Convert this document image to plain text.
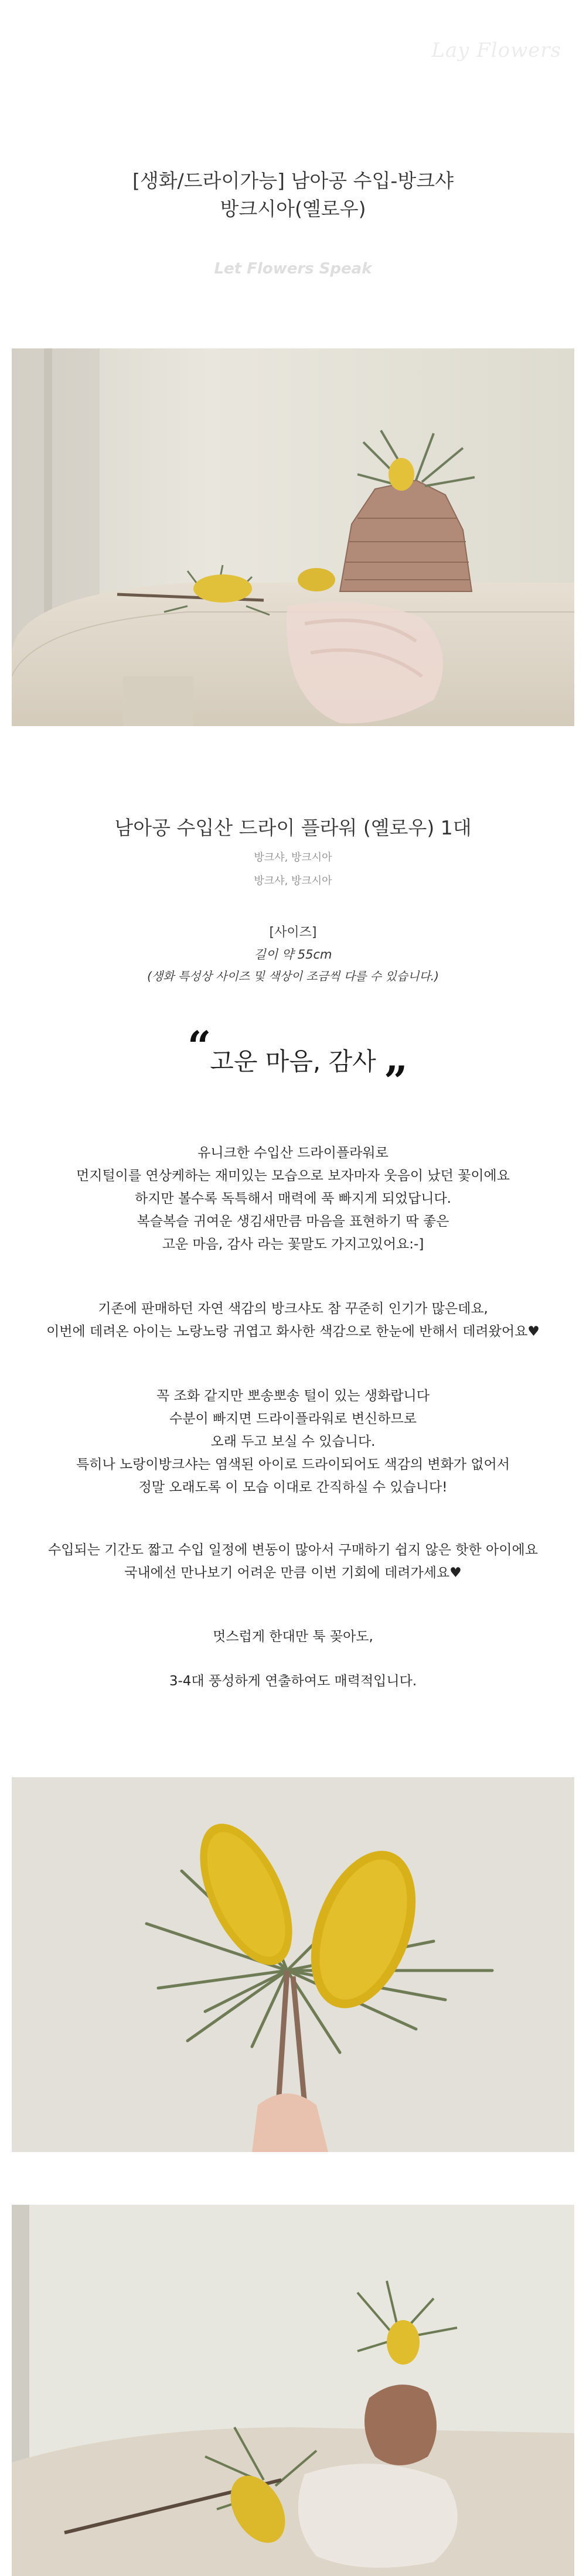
Lay Flowers
[생화/드라이가능] 남아공 수입-방크샤
방크시아(옐로우)
Let Flowers Speak
남아공 수입산 드라이 플라워 (옐로우) 1대
방크샤, 방크시아
방크샤, 방크시아
[사이즈]
길이 약 55cm
(생화 특성상 사이즈 및 색상이 조금씩 다를 수 있습니다.)
“
고운 마음, 감사 ”
유니크한 수입산 드라이플라워로
먼지털이를 연상케하는 재미있는 모습으로 보자마자 웃음이 났던 꽃이에요
하지만 볼수록 독특해서 매력에 푹 빠지게 되었답니다.
복슬복슬 귀여운 생김새만큼 마음을 표현하기 딱 좋은
고운 마음, 감사 라는 꽃말도 가지고있어요:-]
기존에 판매하던 자연 색감의 방크샤도 참 꾸준히 인기가 많은데요,
이번에 데려온 아이는 노랑노랑 귀엽고 화사한 색감으로 한눈에 반해서 데려왔어요♥
꼭 조화 같지만 뽀송뽀송 털이 있는 생화랍니다
수분이 빠지면 드라이플라워로 변신하므로
오래 두고 보실 수 있습니다.
특히나 노랑이방크샤는 염색된 아이로 드라이되어도 색감의 변화가 없어서
정말 오래도록 이 모습 이대로 간직하실 수 있습니다!
수입되는 기간도 짧고 수입 일정에 변동이 많아서 구매하기 쉽지 않은 핫한 아이에요
국내에선 만나보기 어려운 만큼 이번 기회에 데려가세요♥
멋스럽게 한대만 툭 꽂아도,
3-4대 풍성하게 연출하여도 매력적입니다.
